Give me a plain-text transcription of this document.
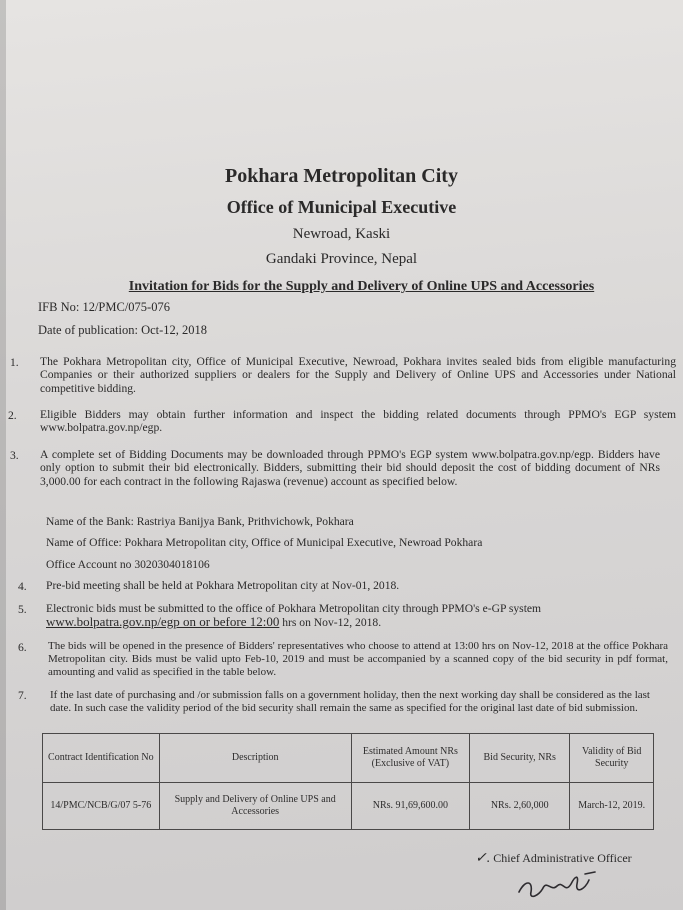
Pokhara Metropolitan City
Office of Municipal Executive
Newroad, Kaski
Gandaki Province, Nepal
Invitation for Bids for the Supply and Delivery of Online UPS and Accessories
IFB No: 12/PMC/075-076
Date of publication: Oct-12, 2018
1. The Pokhara Metropolitan city, Office of Municipal Executive, Newroad, Pokhara invites sealed bids from eligible manufacturing Companies or their authorized suppliers or dealers for the Supply and Delivery of Online UPS and Accessories under National competitive bidding.
2. Eligible Bidders may obtain further information and inspect the bidding related documents through PPMO's EGP system www.bolpatra.gov.np/egp.
3. A complete set of Bidding Documents may be downloaded through PPMO's EGP system www.bolpatra.gov.np/egp. Bidders have only option to submit their bid electronically. Bidders, submitting their bid should deposit the cost of bidding document of NRs 3,000.00 for each contract in the following Rajaswa (revenue) account as specified below.
Name of the Bank: Rastriya Banijya Bank, Prithvichowk, Pokhara
Name of Office: Pokhara Metropolitan city, Office of Municipal Executive, Newroad Pokhara
Office Account no 3020304018106
4. Pre-bid meeting shall be held at Pokhara Metropolitan city at Nov-01, 2018.
5. Electronic bids must be submitted to the office of Pokhara Metropolitan city through PPMO's e-GP system
www.bolpatra.gov.np/egp on or before 12:00 hrs on Nov-12, 2018.
6. The bids will be opened in the presence of Bidders' representatives who choose to attend at 13:00 hrs on Nov-12, 2018 at the office Pokhara Metropolitan city. Bids must be valid upto Feb-10, 2019 and must be accompanied by a scanned copy of the bid security in pdf format, amounting and valid as specified in the table below.
7. If the last date of purchasing and /or submission falls on a government holiday, then the next working day shall be considered as the last date. In such case the validity period of the bid security shall remain the same as specified for the original last date of bid submission.
Contract Identification No	Description	Estimated Amount NRs (Exclusive of VAT)	Bid Security, NRs	Validity of Bid Security
14/PMC/NCB/G/07 5-76	Supply and Delivery of Online UPS and Accessories	NRs. 91,69,600.00	NRs. 2,60,000	March-12, 2019.
✓. Chief Administrative Officer
